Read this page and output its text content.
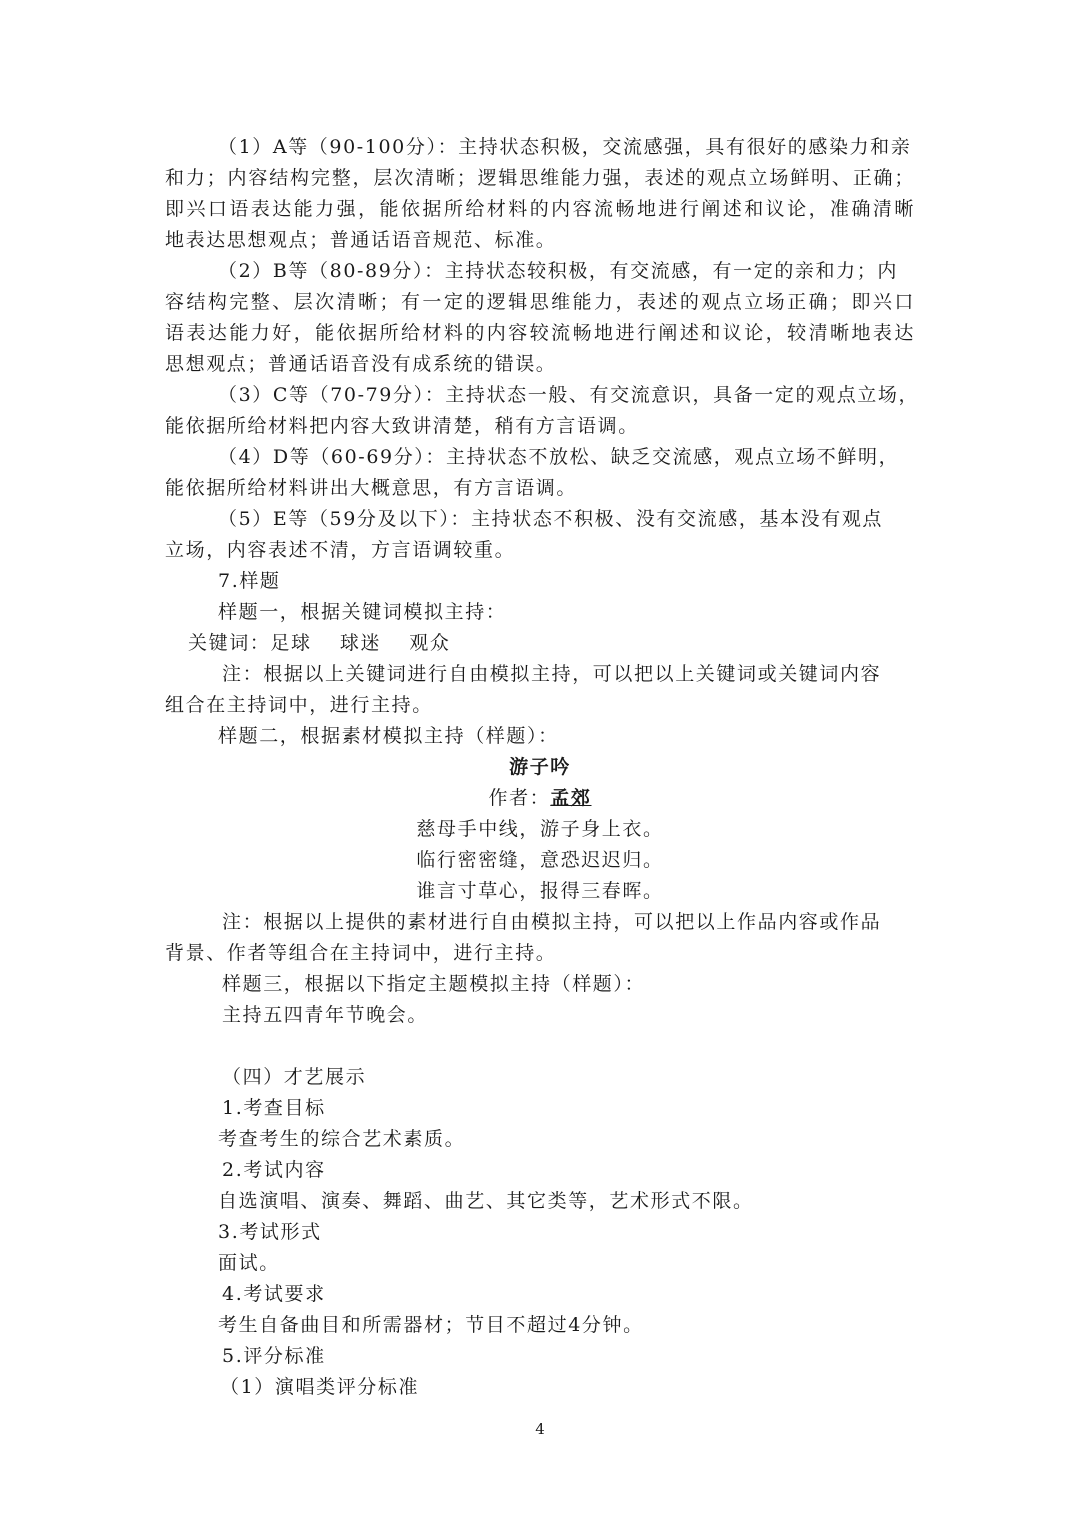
（1）A等（90-100分）：主持状态积极，交流感强，具有很好的感染力和亲
和力；内容结构完整，层次清晰；逻辑思维能力强，表述的观点立场鲜明、正确；
即兴口语表达能力强，能依据所给材料的内容流畅地进行阐述和议论，准确清晰
地表达思想观点；普通话语音规范、标准。
（2）B等（80-89分）：主持状态较积极，有交流感，有一定的亲和力；内
容结构完整、层次清晰；有一定的逻辑思维能力，表述的观点立场正确；即兴口
语表达能力好，能依据所给材料的内容较流畅地进行阐述和议论，较清晰地表达
思想观点；普通话语音没有成系统的错误。
（3）C等（70-79分）：主持状态一般、有交流意识，具备一定的观点立场，
能依据所给材料把内容大致讲清楚，稍有方言语调。
（4）D等（60-69分）：主持状态不放松、缺乏交流感，观点立场不鲜明，
能依据所给材料讲出大概意思，有方言语调。
（5）E等（59分及以下）：主持状态不积极、没有交流感，基本没有观点
立场，内容表述不清，方言语调较重。
7.样题
样题一，根据关键词模拟主持：
关键词：足球　 球迷 　观众
注：根据以上关键词进行自由模拟主持，可以把以上关键词或关键词内容
组合在主持词中，进行主持。
样题二，根据素材模拟主持（样题）：
游子吟
作者：孟郊
慈母手中线，游子身上衣。
临行密密缝，意恐迟迟归。
谁言寸草心，报得三春晖。
注：根据以上提供的素材进行自由模拟主持，可以把以上作品内容或作品
背景、作者等组合在主持词中，进行主持。
样题三，根据以下指定主题模拟主持（样题）：
主持五四青年节晚会。
（四）才艺展示
1.考查目标
考查考生的综合艺术素质。
2.考试内容
自选演唱、演奏、舞蹈、曲艺、其它类等，艺术形式不限。
3.考试形式
面试。
4.考试要求
考生自备曲目和所需器材；节目不超过4分钟。
5.评分标准
（1）演唱类评分标准
4
